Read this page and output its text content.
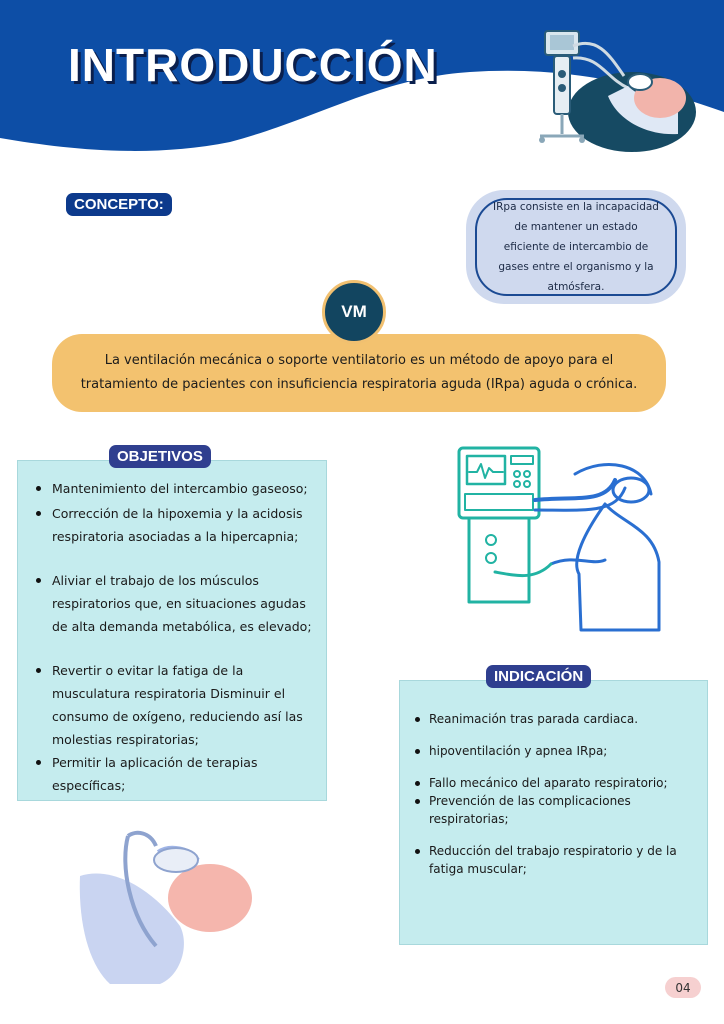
INTRODUCCIÓN
CONCEPTO:	IRpa consiste en la incapacidad de mantener un estado eficiente de intercambio de gases entre el organismo y la atmósfera.
La ventilación mecánica o soporte ventilatorio es un método de apoyo para el tratamiento de pacientes con insuficiencia respiratoria aguda (IRpa) aguda o crónica.
VM
OBJETIVOS
Mantenimiento del intercambio gaseoso;
Corrección de la hipoxemia y la acidosis respiratoria asociadas a la hipercapnia;
Aliviar el trabajo de los músculos respiratorios que, en situaciones agudas de alta demanda metabólica, es elevado;
Revertir o evitar la fatiga de la musculatura respiratoria Disminuir el consumo de oxígeno, reduciendo así las molestias respiratorias;
Permitir la aplicación de terapias específicas;
INDICACIÓN
Reanimación tras parada cardiaca.
hipoventilación y apnea IRpa;
Fallo mecánico del aparato respiratorio;
Prevención de las complicaciones respiratorias;
Reducción del trabajo respiratorio y de la fatiga muscular;
04
